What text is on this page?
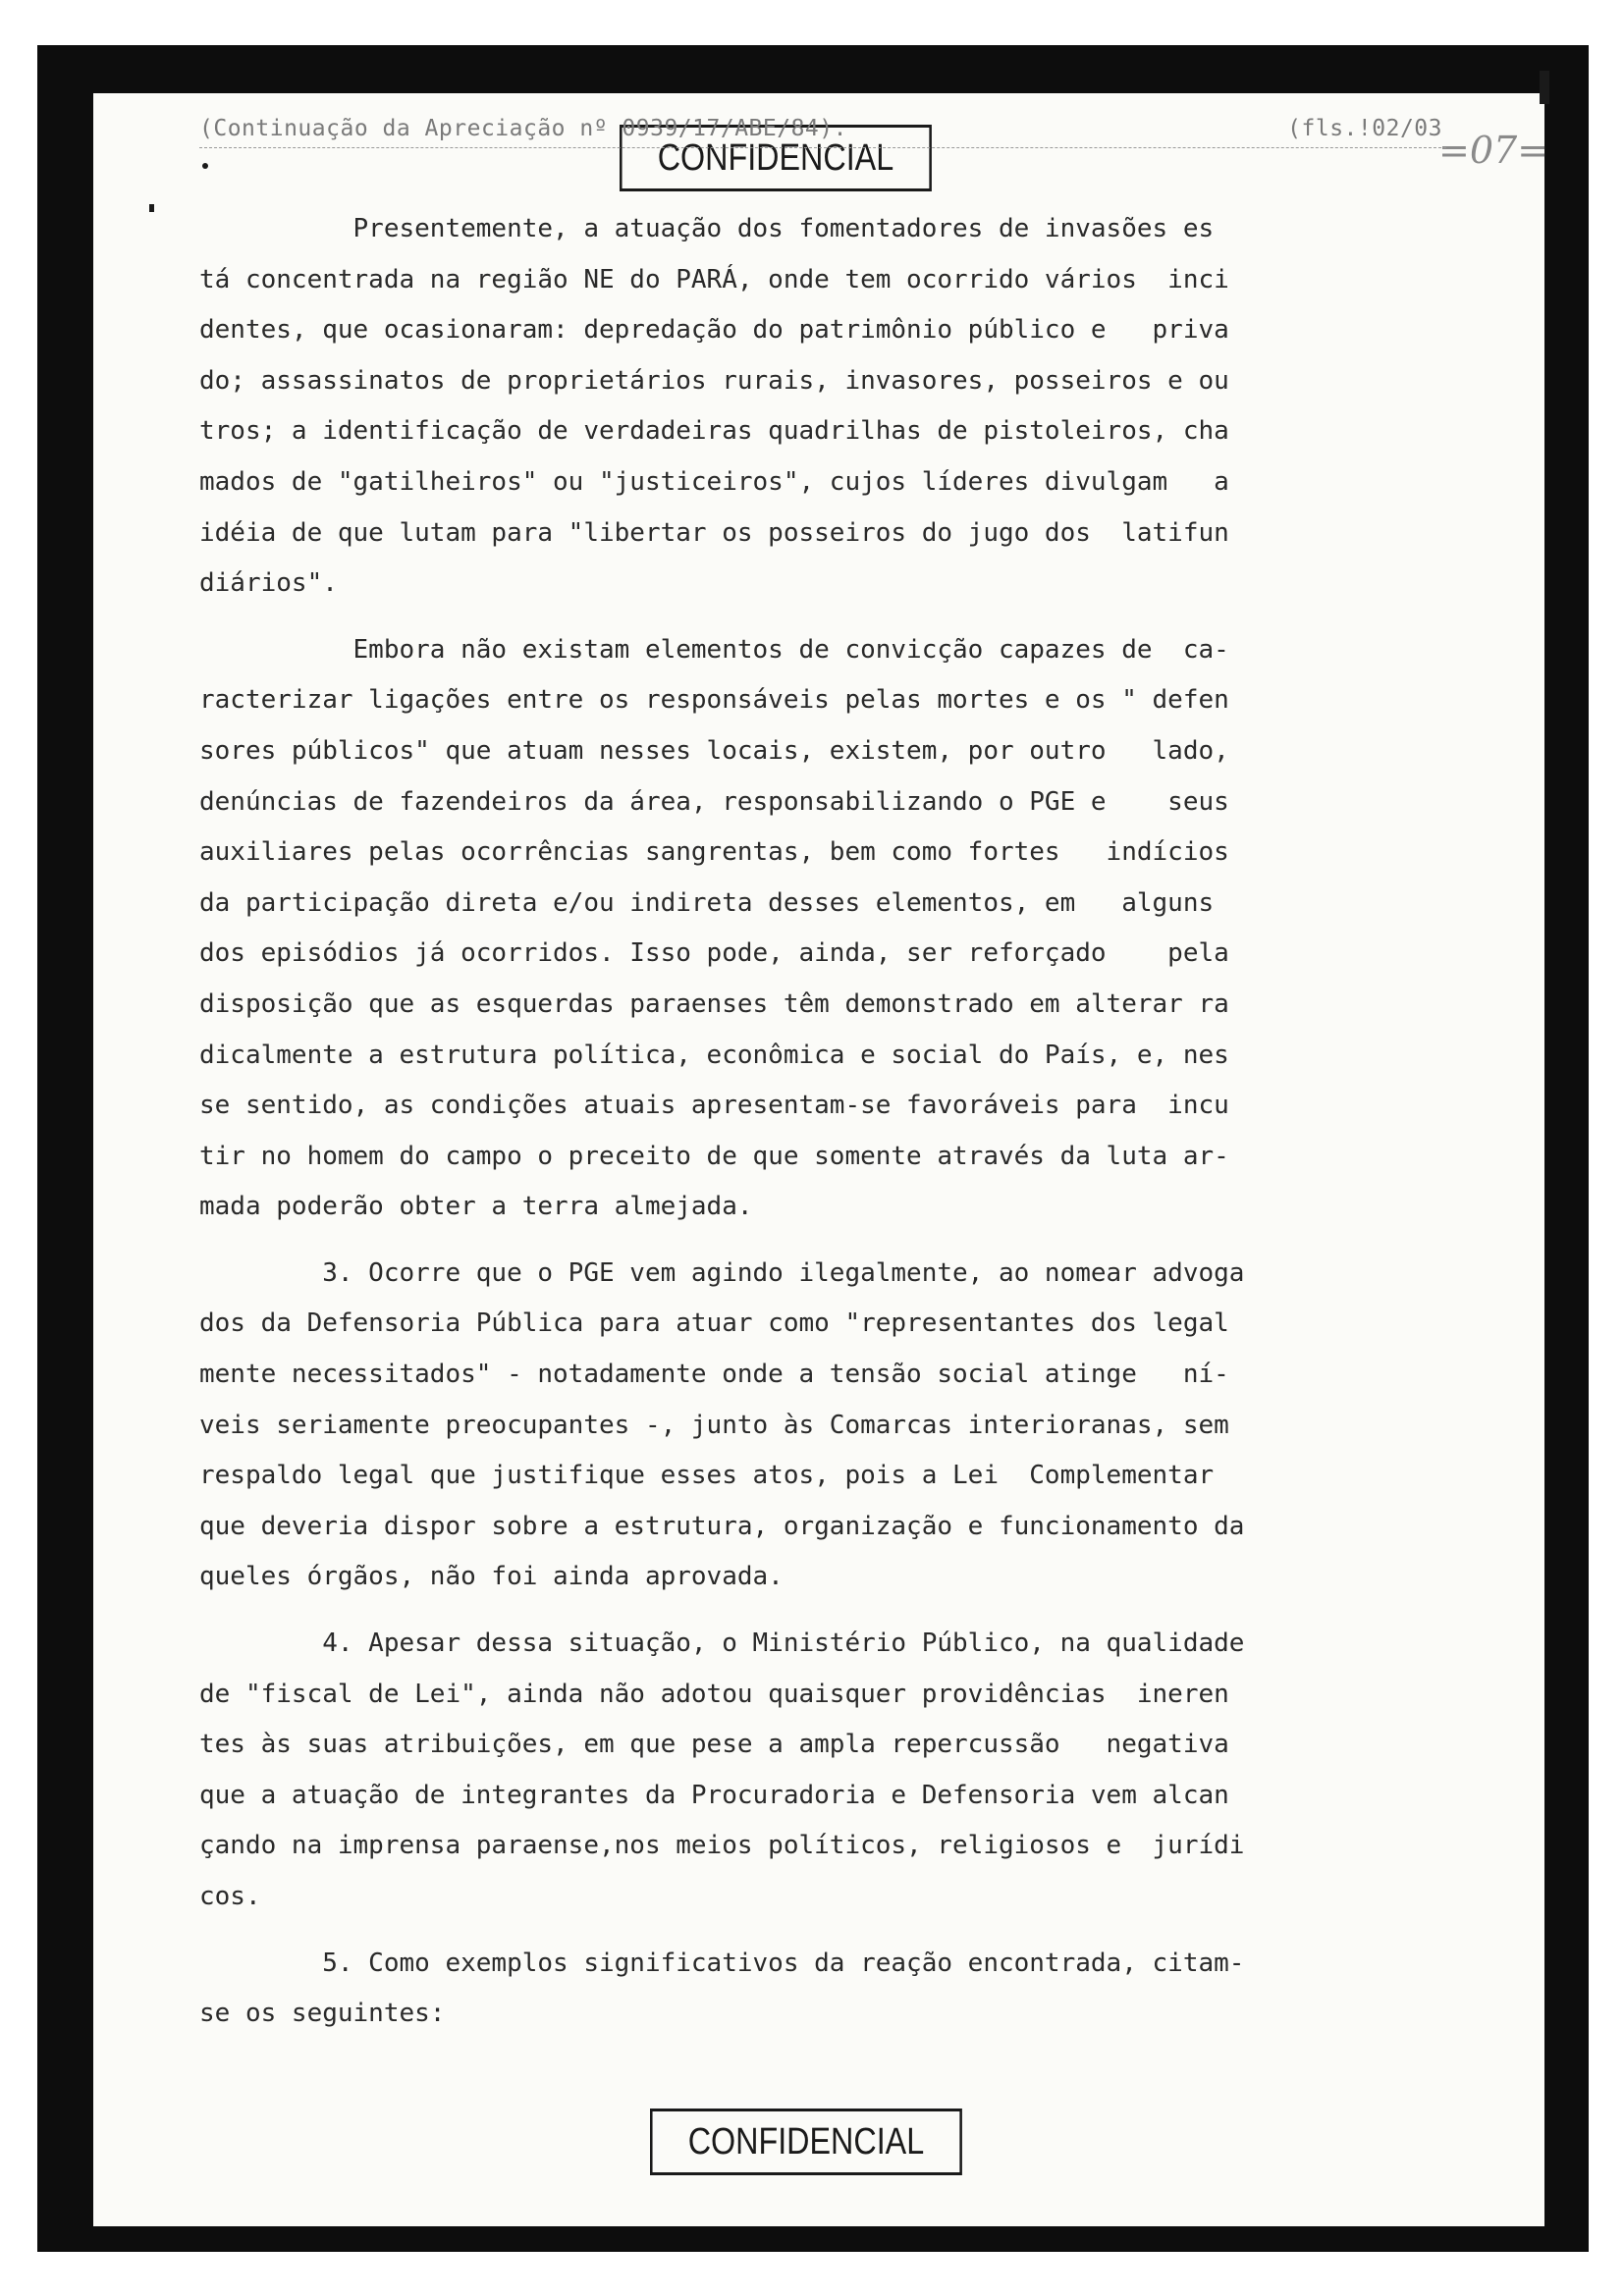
CONFIDENCIAL	=07=
CONFIDENCIAL
(Continuação da Apreciação nº 0939/17/ABE/84).	(fls.!02/03
Presentemente, a atuação dos fomentadores de invasões es
tá concentrada na região NE do PARÁ, onde tem ocorrido vários  inci
dentes, que ocasionaram: depredação do patrimônio público e   priva
do; assassinatos de proprietários rurais, invasores, posseiros e ou
tros; a identificação de verdadeiras quadrilhas de pistoleiros, cha
mados de "gatilheiros" ou "justiceiros", cujos líderes divulgam   a
idéia de que lutam para "libertar os posseiros do jugo dos  latifun
diários".
Embora não existam elementos de convicção capazes de  ca-
racterizar ligações entre os responsáveis pelas mortes e os " defen
sores públicos" que atuam nesses locais, existem, por outro   lado,
denúncias de fazendeiros da área, responsabilizando o PGE e    seus
auxiliares pelas ocorrências sangrentas, bem como fortes   indícios
da participação direta e/ou indireta desses elementos, em   alguns
dos episódios já ocorridos. Isso pode, ainda, ser reforçado    pela
disposição que as esquerdas paraenses têm demonstrado em alterar ra
dicalmente a estrutura política, econômica e social do País, e, nes
se sentido, as condições atuais apresentam-se favoráveis para  incu
tir no homem do campo o preceito de que somente através da luta ar-
mada poderão obter a terra almejada.
3. Ocorre que o PGE vem agindo ilegalmente, ao nomear advoga
dos da Defensoria Pública para atuar como "representantes dos legal
mente necessitados" - notadamente onde a tensão social atinge   ní-
veis seriamente preocupantes -, junto às Comarcas interioranas, sem
respaldo legal que justifique esses atos, pois a Lei  Complementar
que deveria dispor sobre a estrutura, organização e funcionamento da
queles órgãos, não foi ainda aprovada.
4. Apesar dessa situação, o Ministério Público, na qualidade
de "fiscal de Lei", ainda não adotou quaisquer providências  ineren
tes às suas atribuições, em que pese a ampla repercussão   negativa
que a atuação de integrantes da Procuradoria e Defensoria vem alcan
çando na imprensa paraense,nos meios políticos, religiosos e  jurídi
cos.
5. Como exemplos significativos da reação encontrada, citam-
se os seguintes:
